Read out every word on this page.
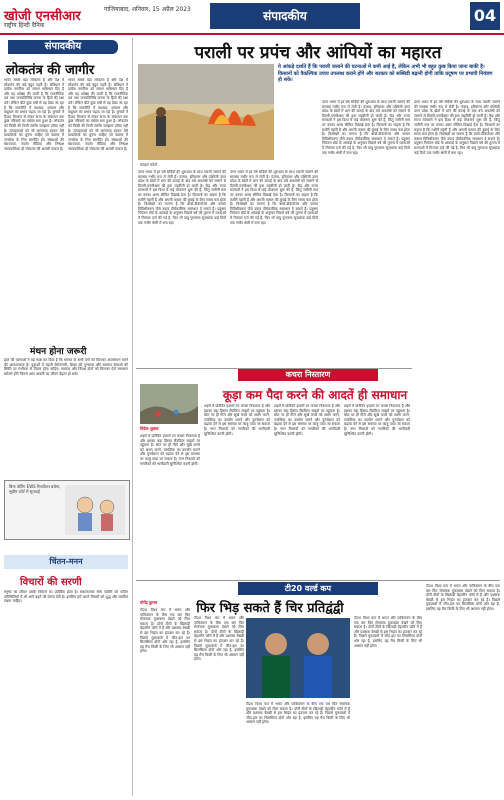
खोजी एनसीआर
राष्ट्रीय हिन्दी दैनिक
गाजियाबाद, शनिवार, 15 अप्रैल 2023	संपादकीय	04
संपादकीय
लोकतंत्र की जागीर
भारत सबसे बड़ा लोकतंत्र है और देश में लोकतंत्र की जड़ें बहुत गहरी हैं। संविधान ने प्रत्येक नागरिक को समान अधिकार दिए हैं और यह अपेक्षा की जाती है कि राजनीतिक दल तथा जनप्रतिनिधि जनता के हितों की रक्षा करें। लेकिन बीते कुछ वर्षों से यह देखा जा रहा है कि राजनीति में वंशवाद, धनबल और बाहुबल का प्रभाव बढ़ता जा रहा है। चुनावों में टिकट वितरण से लेकर सत्ता के संचालन तक कुछ परिवारों का वर्चस्व बना हुआ है। लोकतंत्र को किसी की निजी जागीर समझना उचित नहीं है। मतदाताओं को भी जागरूक रहकर ऐसे प्रत्याशियों को चुनना चाहिए जो वास्तव में जनसेवा के लिए समर्पित हों। संस्थाओं की स्वायत्तता, स्वतंत्र मीडिया और निष्पक्ष न्यायपालिका ही लोकतंत्र की असली ताकत है।
भारत सबसे बड़ा लोकतंत्र है और देश में लोकतंत्र की जड़ें बहुत गहरी हैं। संविधान ने प्रत्येक नागरिक को समान अधिकार दिए हैं और यह अपेक्षा की जाती है कि राजनीतिक दल तथा जनप्रतिनिधि जनता के हितों की रक्षा करें। लेकिन बीते कुछ वर्षों से यह देखा जा रहा है कि राजनीति में वंशवाद, धनबल और बाहुबल का प्रभाव बढ़ता जा रहा है। चुनावों में टिकट वितरण से लेकर सत्ता के संचालन तक कुछ परिवारों का वर्चस्व बना हुआ है। लोकतंत्र को किसी की निजी जागीर समझना उचित नहीं है। मतदाताओं को भी जागरूक रहकर ऐसे प्रत्याशियों को चुनना चाहिए जो वास्तव में जनसेवा के लिए समर्पित हों। संस्थाओं की स्वायत्तता, स्वतंत्र मीडिया और निष्पक्ष न्यायपालिका ही लोकतंत्र की असली ताकत है।
मंथन होना जरूरी
हाल की घटनाओं ने यह स्पष्ट कर दिया है कि समाज के सभी वर्गों को मिलकर आत्ममंथन करने की आवश्यकता है। युवाओं में बढ़ती बेरोजगारी, शिक्षा की गुणवत्ता और स्वास्थ्य सेवाओं की स्थिति पर गंभीरता से विचार होना चाहिए। सरकार और विपक्ष दोनों को मिलकर ऐसे समाधान खोजने होंगे जिनसे आम आदमी का जीवन बेहतर हो सके।
बिना वोटिंग EWS रिजर्वेशन बचेगा, सुप्रीम कोर्ट में सुनवाई
चिंतन-मनन
विचारों की सरणी
मनुष्य का जीवन उसके विचारों का प्रतिबिंब होता है। सकारात्मक सोच व्यक्ति को कठिन परिस्थितियों में भी आगे बढ़ने की प्रेरणा देती है। इसलिए हमें अपने विचारों को शुद्ध और संयमित रखना चाहिए।
पराली पर प्रपंच और आंपियों का महारत
ये आंकड़े दर्शाते हैं कि पराली जलाने की घटनाओं में कमी आई है, लेकिन अभी भी बहुत कुछ किया जाना बाकी है। किसानों को वैकल्पिक उपाय उपलब्ध कराने होंगे और सरकार को सब्सिडी बढ़ानी होगी ताकि प्रदूषण पर प्रभावी नियंत्रण हो सके।
फाइल फोटो
उत्तर भारत में हर वर्ष सर्दियों की शुरुआत के साथ पराली जलाने की समस्या गंभीर रूप ले लेती है। पंजाब, हरियाणा और पश्चिमी उत्तर प्रदेश के खेतों में धान की कटाई के बाद बचे अवशेषों को जलाने से दिल्ली-एनसीआर की हवा जहरीली हो जाती है। केंद्र और राज्य सरकारों ने इस दिशा में कई योजनाएं शुरू की हैं, किंतु जमीनी स्तर पर उनका असर सीमित दिखाई देता है। किसानों का कहना है कि मशीनें महंगी हैं और अगली फसल की बुवाई के लिए समय कम होता है। विशेषज्ञों का मानना है कि बायो-डीकंपोजर और फसल विविधीकरण जैसे उपाय दीर्घकालिक समाधान दे सकते हैं। प्रदूषण नियंत्रण बोर्ड के आंकड़ों के अनुसार पिछले वर्ष की तुलना में घटनाओं में गिरावट दर्ज की गई है, फिर भी वायु गुणवत्ता सूचकांक कई दिनों तक गंभीर श्रेणी में बना रहा।
उत्तर भारत में हर वर्ष सर्दियों की शुरुआत के साथ पराली जलाने की समस्या गंभीर रूप ले लेती है। पंजाब, हरियाणा और पश्चिमी उत्तर प्रदेश के खेतों में धान की कटाई के बाद बचे अवशेषों को जलाने से दिल्ली-एनसीआर की हवा जहरीली हो जाती है। केंद्र और राज्य सरकारों ने इस दिशा में कई योजनाएं शुरू की हैं, किंतु जमीनी स्तर पर उनका असर सीमित दिखाई देता है। किसानों का कहना है कि मशीनें महंगी हैं और अगली फसल की बुवाई के लिए समय कम होता है। विशेषज्ञों का मानना है कि बायो-डीकंपोजर और फसल विविधीकरण जैसे उपाय दीर्घकालिक समाधान दे सकते हैं। प्रदूषण नियंत्रण बोर्ड के आंकड़ों के अनुसार पिछले वर्ष की तुलना में घटनाओं में गिरावट दर्ज की गई है, फिर भी वायु गुणवत्ता सूचकांक कई दिनों तक गंभीर श्रेणी में बना रहा।
उत्तर भारत में हर वर्ष सर्दियों की शुरुआत के साथ पराली जलाने की समस्या गंभीर रूप ले लेती है। पंजाब, हरियाणा और पश्चिमी उत्तर प्रदेश के खेतों में धान की कटाई के बाद बचे अवशेषों को जलाने से दिल्ली-एनसीआर की हवा जहरीली हो जाती है। केंद्र और राज्य सरकारों ने इस दिशा में कई योजनाएं शुरू की हैं, किंतु जमीनी स्तर पर उनका असर सीमित दिखाई देता है। किसानों का कहना है कि मशीनें महंगी हैं और अगली फसल की बुवाई के लिए समय कम होता है। विशेषज्ञों का मानना है कि बायो-डीकंपोजर और फसल विविधीकरण जैसे उपाय दीर्घकालिक समाधान दे सकते हैं। प्रदूषण नियंत्रण बोर्ड के आंकड़ों के अनुसार पिछले वर्ष की तुलना में घटनाओं में गिरावट दर्ज की गई है, फिर भी वायु गुणवत्ता सूचकांक कई दिनों तक गंभीर श्रेणी में बना रहा।
उत्तर भारत में हर वर्ष सर्दियों की शुरुआत के साथ पराली जलाने की समस्या गंभीर रूप ले लेती है। पंजाब, हरियाणा और पश्चिमी उत्तर प्रदेश के खेतों में धान की कटाई के बाद बचे अवशेषों को जलाने से दिल्ली-एनसीआर की हवा जहरीली हो जाती है। केंद्र और राज्य सरकारों ने इस दिशा में कई योजनाएं शुरू की हैं, किंतु जमीनी स्तर पर उनका असर सीमित दिखाई देता है। किसानों का कहना है कि मशीनें महंगी हैं और अगली फसल की बुवाई के लिए समय कम होता है। विशेषज्ञों का मानना है कि बायो-डीकंपोजर और फसल विविधीकरण जैसे उपाय दीर्घकालिक समाधान दे सकते हैं। प्रदूषण नियंत्रण बोर्ड के आंकड़ों के अनुसार पिछले वर्ष की तुलना में घटनाओं में गिरावट दर्ज की गई है, फिर भी वायु गुणवत्ता सूचकांक कई दिनों तक गंभीर श्रेणी में बना रहा।
कचरा निस्तारण
विवेक शुक्ला
कूड़ा कम पैदा करने की आदतें ही समाधान
शहरों में प्रतिदिन हजारों टन कचरा निकलता है और इसका बड़ा हिस्सा लैंडफिल साइटों पर पहुंचता है। स्रोत पर ही गीले और सूखे कचरे को अलग करने, प्लास्टिक का उपयोग घटाने और पुनर्चक्रण को बढ़ावा देने से इस समस्या पर काबू पाया जा सकता है। नगर निकायों को नागरिकों की भागीदारी सुनिश्चित करनी होगी।
शहरों में प्रतिदिन हजारों टन कचरा निकलता है और इसका बड़ा हिस्सा लैंडफिल साइटों पर पहुंचता है। स्रोत पर ही गीले और सूखे कचरे को अलग करने, प्लास्टिक का उपयोग घटाने और पुनर्चक्रण को बढ़ावा देने से इस समस्या पर काबू पाया जा सकता है। नगर निकायों को नागरिकों की भागीदारी सुनिश्चित करनी होगी।
शहरों में प्रतिदिन हजारों टन कचरा निकलता है और इसका बड़ा हिस्सा लैंडफिल साइटों पर पहुंचता है। स्रोत पर ही गीले और सूखे कचरे को अलग करने, प्लास्टिक का उपयोग घटाने और पुनर्चक्रण को बढ़ावा देने से इस समस्या पर काबू पाया जा सकता है। नगर निकायों को नागरिकों की भागीदारी सुनिश्चित करनी होगी।
शहरों में प्रतिदिन हजारों टन कचरा निकलता है और इसका बड़ा हिस्सा लैंडफिल साइटों पर पहुंचता है। स्रोत पर ही गीले और सूखे कचरे को अलग करने, प्लास्टिक का उपयोग घटाने और पुनर्चक्रण को बढ़ावा देने से इस समस्या पर काबू पाया जा सकता है। नगर निकायों को नागरिकों की भागीदारी सुनिश्चित करनी होगी।
टी20 वर्ल्ड कप
फिर भिड़ सकते हैं चिर प्रतिद्वंद्वी
योगेंद्र कुमार
टी20 विश्व कप में भारत और पाकिस्तान के बीच एक बार फिर रोमांचक मुकाबला देखने को मिल सकता है। दोनों टीमों के खिलाड़ी बेहतरीन फॉर्म में हैं और प्रशंसक बेसब्री से इस भिड़ंत का इंतजार कर रहे हैं। पिछले मुकाबलों में जीत-हार का सिलसिला दोनों ओर रहा है, इसलिए यह मैच किसी के लिए भी आसान नहीं होगा।
टी20 विश्व कप में भारत और पाकिस्तान के बीच एक बार फिर रोमांचक मुकाबला देखने को मिल सकता है। दोनों टीमों के खिलाड़ी बेहतरीन फॉर्म में हैं और प्रशंसक बेसब्री से इस भिड़ंत का इंतजार कर रहे हैं। पिछले मुकाबलों में जीत-हार का सिलसिला दोनों ओर रहा है, इसलिए यह मैच किसी के लिए भी आसान नहीं होगा।
टी20 विश्व कप में भारत और पाकिस्तान के बीच एक बार फिर रोमांचक मुकाबला देखने को मिल सकता है। दोनों टीमों के खिलाड़ी बेहतरीन फॉर्म में हैं और प्रशंसक बेसब्री से इस भिड़ंत का इंतजार कर रहे हैं। पिछले मुकाबलों में जीत-हार का सिलसिला दोनों ओर रहा है, इसलिए यह मैच किसी के लिए भी आसान नहीं होगा।
टी20 विश्व कप में भारत और पाकिस्तान के बीच एक बार फिर रोमांचक मुकाबला देखने को मिल सकता है। दोनों टीमों के खिलाड़ी बेहतरीन फॉर्म में हैं और प्रशंसक बेसब्री से इस भिड़ंत का इंतजार कर रहे हैं। पिछले मुकाबलों में जीत-हार का सिलसिला दोनों ओर रहा है, इसलिए यह मैच किसी के लिए भी आसान नहीं होगा।
टी20 विश्व कप में भारत और पाकिस्तान के बीच एक बार फिर रोमांचक मुकाबला देखने को मिल सकता है। दोनों टीमों के खिलाड़ी बेहतरीन फॉर्म में हैं और प्रशंसक बेसब्री से इस भिड़ंत का इंतजार कर रहे हैं। पिछले मुकाबलों में जीत-हार का सिलसिला दोनों ओर रहा है, इसलिए यह मैच किसी के लिए भी आसान नहीं होगा।
